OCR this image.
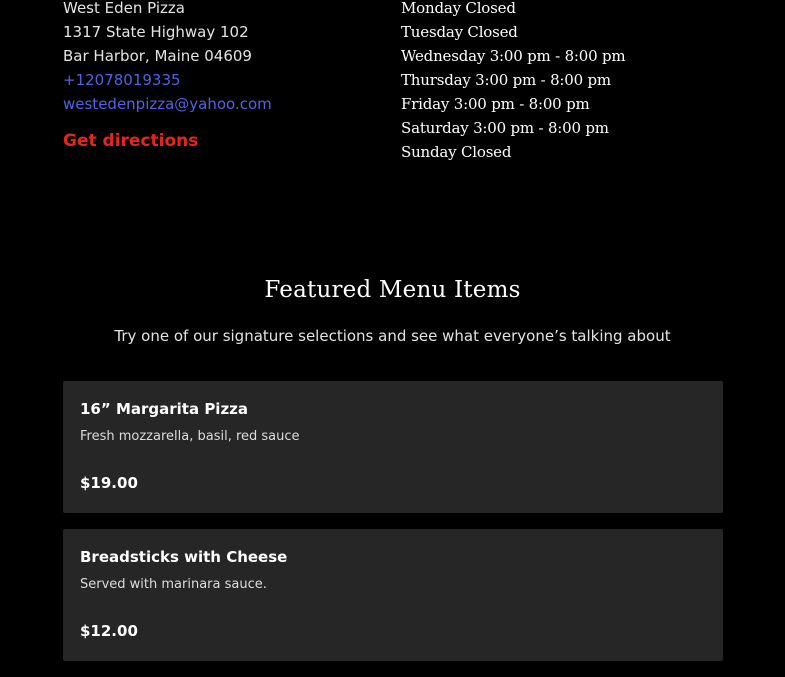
West Eden Pizza
1317 State Highway 102
Bar Harbor, Maine 04609
+12078019335
westedenpizza@yahoo.com
Get directions
Monday Closed
Tuesday Closed
Wednesday 3:00 pm - 8:00 pm
Thursday 3:00 pm - 8:00 pm
Friday 3:00 pm - 8:00 pm
Saturday 3:00 pm - 8:00 pm
Sunday Closed
Featured Menu Items

Try one of our signature selections and see what everyone’s talking about

16” Margarita Pizza
Fresh mozzarella, basil, red sauce
$19.00
Breadsticks with Cheese
Served with marinara sauce.
$12.00
